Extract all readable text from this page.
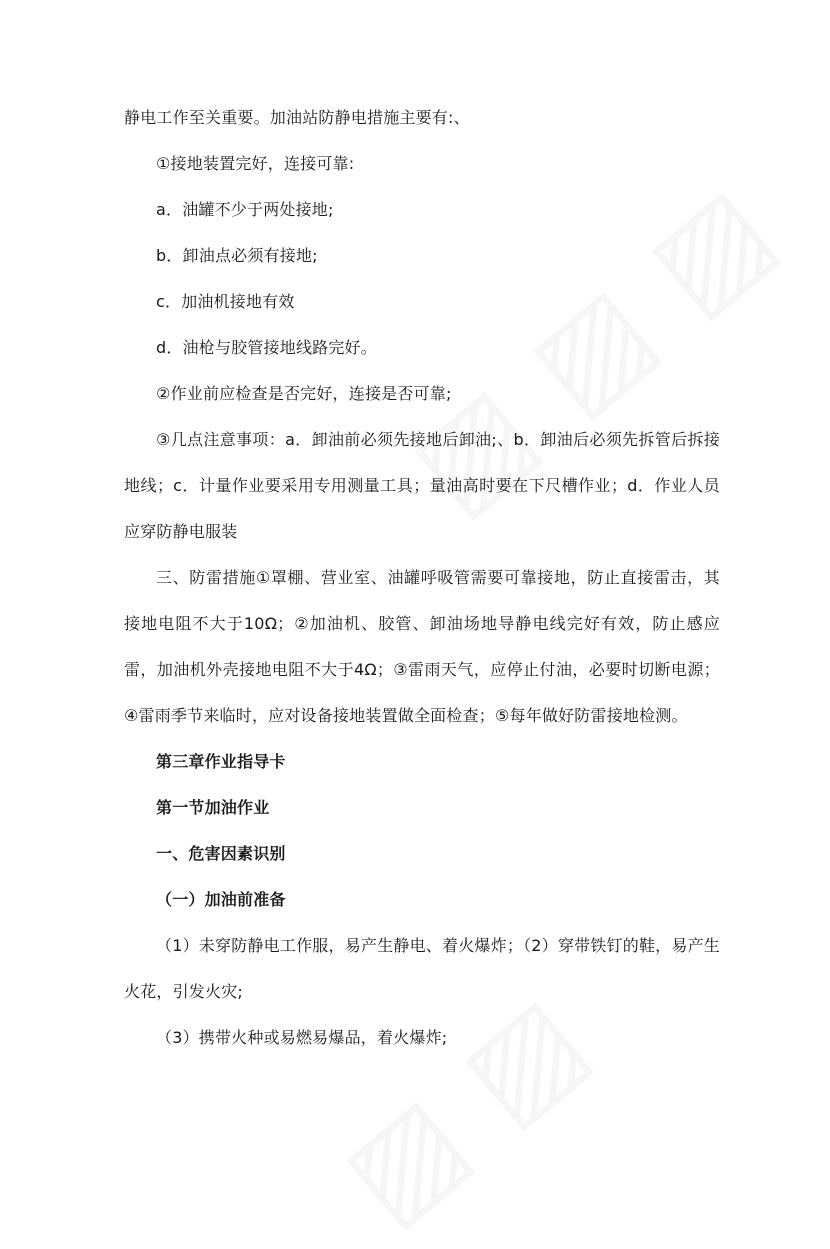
静电工作至关重要。加油站防静电措施主要有:、

①接地装置完好，连接可靠:

a．油罐不少于两处接地;

b．卸油点必须有接地;

c．加油机接地有效

d．油枪与胶管接地线路完好。

②作业前应检查是否完好，连接是否可靠;

③几点注意事项：a．卸油前必须先接地后卸油;、b．卸油后必须先拆管后拆接地线；c．计量作业要采用专用测量工具；量油高时要在下尺槽作业；d．作业人员应穿防静电服装

三、防雷措施①罩棚、营业室、油罐呼吸管需要可靠接地，防止直接雷击，其接地电阻不大于10Ω；②加油机、胶管、卸油场地导静电线完好有效，防止感应雷，加油机外壳接地电阻不大于4Ω；③雷雨天气，应停止付油，必要时切断电源；④雷雨季节来临时，应对设备接地装置做全面检查；⑤每年做好防雷接地检测。

第三章作业指导卡

第一节加油作业

一、危害因素识别

（一）加油前准备

（1）未穿防静电工作服，易产生静电、着火爆炸；（2）穿带铁钉的鞋，易产生火花，引发火灾;

（3）携带火种或易燃易爆品，着火爆炸;
